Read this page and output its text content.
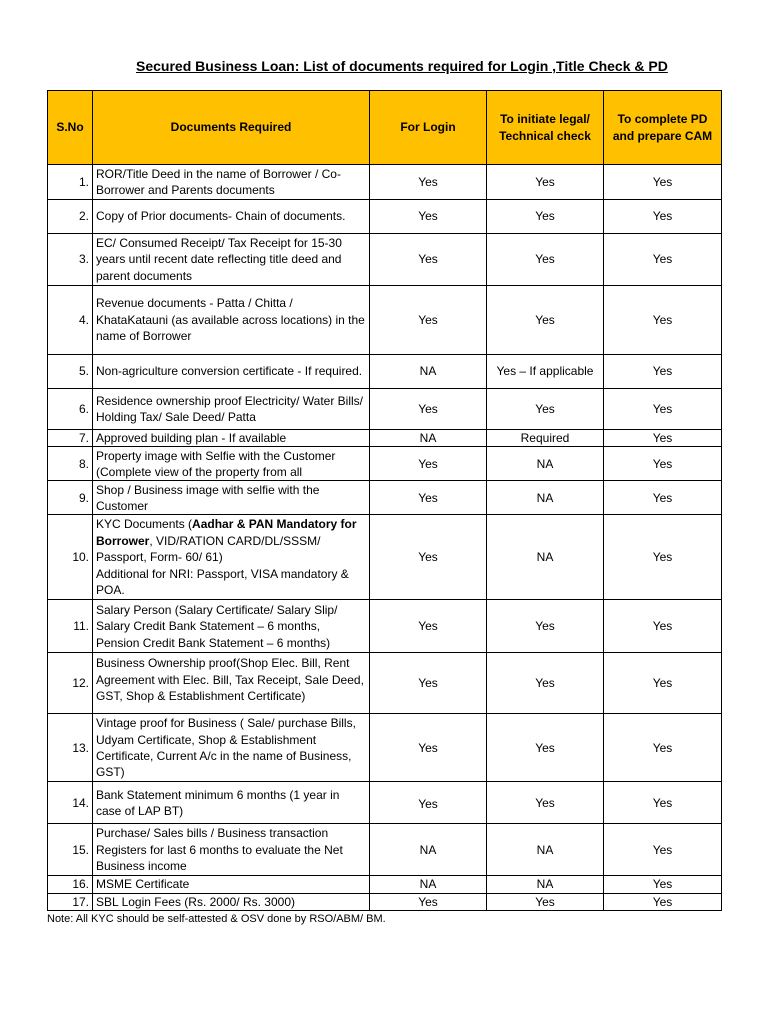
Secured Business Loan: List of documents required for Login ,Title Check & PD
S.No	Documents Required	For Login	To initiate legal/ Technical check	To complete PD and prepare CAM
1.	ROR/Title Deed in the name of Borrower / Co-Borrower and Parents documents	Yes	Yes	Yes
2.	Copy of Prior documents- Chain of documents.	Yes	Yes	Yes
3.	EC/ Consumed Receipt/ Tax Receipt for 15-30 years until recent date reflecting title deed and parent documents	Yes	Yes	Yes
4.	Revenue documents - Patta / Chitta / KhataKatauni (as available across locations) in the name of Borrower	Yes	Yes	Yes
5.	Non-agriculture conversion certificate - If required.	NA	Yes – If applicable	Yes
6.	Residence ownership proof Electricity/ Water Bills/ Holding Tax/ Sale Deed/ Patta	Yes	Yes	Yes
7.	Approved building plan - If available	NA	Required	Yes
8.	Property image with Selfie with the Customer (Complete view of the property from all	Yes	NA	Yes
9.	Shop / Business image with selfie with the Customer	Yes	NA	Yes
10.	KYC Documents (Aadhar & PAN Mandatory for Borrower, VID/RATION CARD/DL/SSSM/ Passport, Form- 60/ 61)
Additional for NRI: Passport, VISA mandatory & POA.	Yes	NA	Yes
11.	Salary Person (Salary Certificate/ Salary Slip/ Salary Credit Bank Statement – 6 months, Pension Credit Bank Statement – 6 months)	Yes	Yes	Yes
12.	Business Ownership proof(Shop Elec. Bill, Rent Agreement with Elec. Bill, Tax Receipt, Sale Deed, GST, Shop & Establishment Certificate)	Yes	Yes	Yes
13.	Vintage proof for Business ( Sale/ purchase Bills, Udyam Certificate, Shop & Establishment Certificate, Current A/c in the name of Business, GST)	Yes	Yes	Yes
14.	Bank Statement minimum 6 months (1 year in case of LAP BT)	Yes	Yes	Yes
15.	Purchase/ Sales bills / Business transaction Registers for last 6 months to evaluate the Net Business income	NA	NA	Yes
16.	MSME Certificate	NA	NA	Yes
17.	SBL Login Fees (Rs. 2000/ Rs. 3000)	Yes	Yes	Yes
Note: All KYC should be self-attested & OSV done by RSO/ABM/ BM.
